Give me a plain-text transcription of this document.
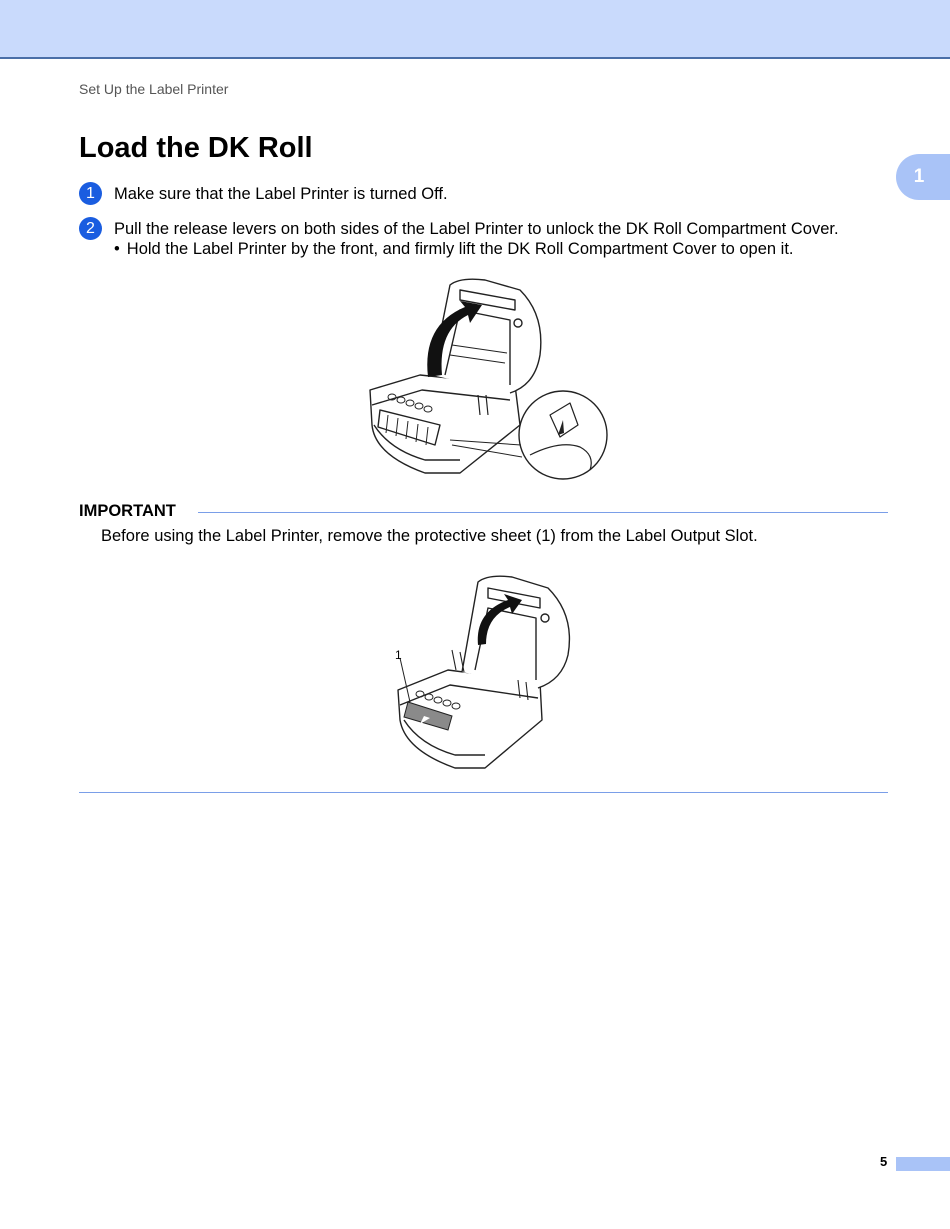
Set Up the Label Printer
1
Load the DK Roll
1	Make sure that the Label Printer is turned Off.
2	Pull the release levers on both sides of the Label Printer to unlock the DK Roll Compartment Cover.
• Hold the Label Printer by the front, and firmly lift the DK Roll Compartment Cover to open it.
IMPORTANT
Before using the Label Printer, remove the protective sheet (1) from the Label Output Slot.
1
5
